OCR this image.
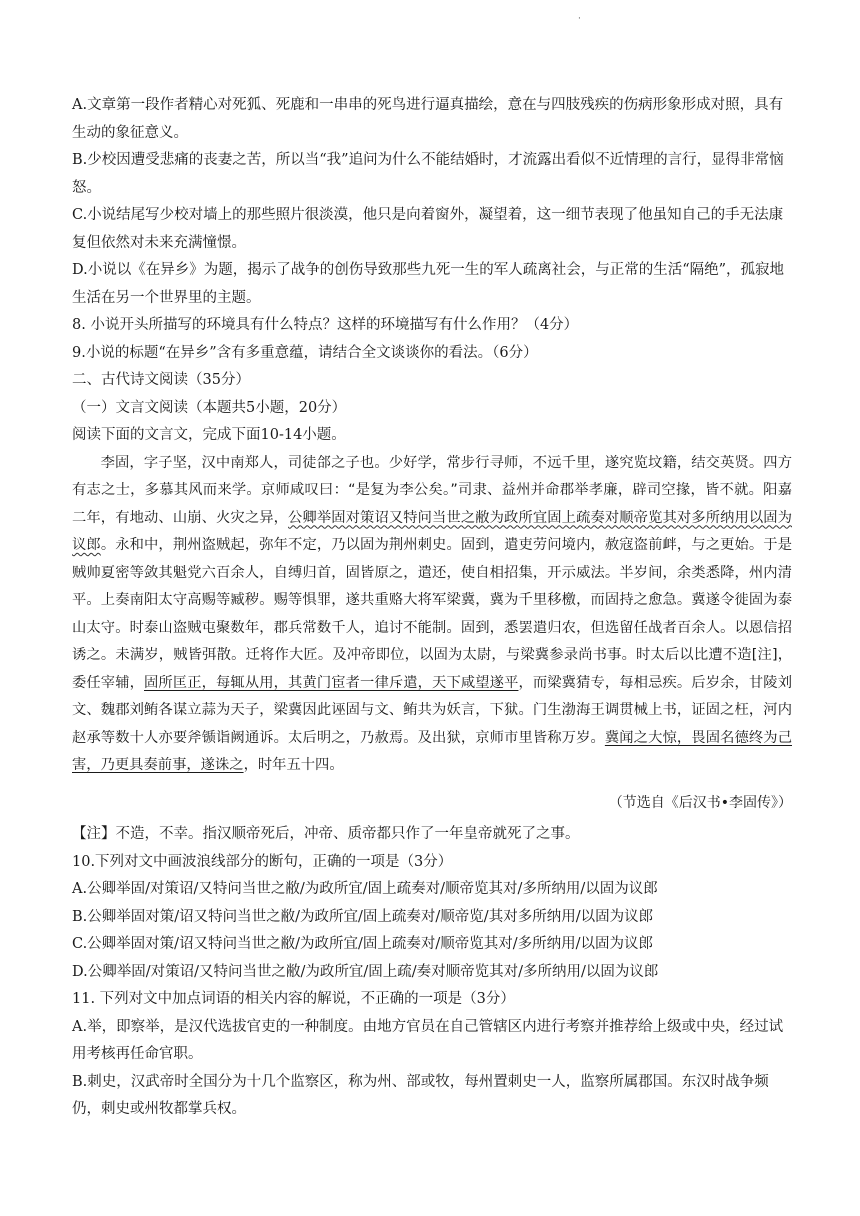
·

A.文章第一段作者精心对死狐、死鹿和一串串的死鸟进行逼真描绘，意在与四肢残疾的伤病形象形成对照，具有生动的象征意义。

B.少校因遭受悲痛的丧妻之苦，所以当“我”追问为什么不能结婚时，才流露出看似不近情理的言行，显得非常恼怒。

C.小说结尾写少校对墙上的那些照片很淡漠，他只是向着窗外，凝望着，这一细节表现了他虽知自己的手无法康复但依然对未来充满憧憬。

D.小说以《在异乡》为题，揭示了战争的创伤导致那些九死一生的军人疏离社会，与正常的生活“隔绝”，孤寂地生活在另一个世界里的主题。

8. 小说开头所描写的环境具有什么特点？这样的环境描写有什么作用？（4分）

9.小说的标题“在异乡”含有多重意蕴，请结合全文谈谈你的看法。（6分）

二、古代诗文阅读（35分）

（一）文言文阅读（本题共5小题，20分）

阅读下面的文言文，完成下面10-14小题。

李固，字子坚，汉中南郑人，司徒郃之子也。少好学，常步行寻师，不远千里，遂究览坟籍，结交英贤。四方有志之士，多慕其风而来学。京师咸叹曰：“是复为李公矣。”司隶、益州并命郡举孝廉，辟司空掾，皆不就。阳嘉二年，有地动、山崩、火灾之异，公卿举固对策诏又特问当世之敝为政所宜固上疏奏对顺帝览其对多所纳用以固为议郎。永和中，荆州盗贼起，弥年不定，乃以固为荆州刺史。固到，遣吏劳问境内，赦寇盗前衅，与之更始。于是贼帅夏密等敛其魁党六百余人，自缚归首，固皆原之，遣还，使自相招集，开示威法。半岁间，余类悉降，州内清平。上奏南阳太守高赐等臧秽。赐等惧罪，遂共重赂大将军梁冀，冀为千里移檄，而固持之愈急。冀遂令徙固为泰山太守。时泰山盗贼屯聚数年，郡兵常数千人，追讨不能制。固到，悉罢遣归农，但选留任战者百余人。以恩信招诱之。未满岁，贼皆弭散。迁将作大匠。及冲帝即位，以固为太尉，与梁冀参录尚书事。时太后以比遭不造[注]，委任宰辅，固所匡正，每辄从用，其黄门宦者一律斥遣，天下咸望遂平，而梁冀猜专，每相忌疾。后岁余，甘陵刘文、魏郡刘鲔各谋立蒜为天子，梁冀因此诬固与文、鲔共为妖言，下狱。门生渤海王调贯械上书，证固之枉，河内赵承等数十人亦要斧锧诣阙通诉。太后明之，乃赦焉。及出狱，京师市里皆称万岁。冀闻之大惊，畏固名德终为己害，乃更具奏前事，遂诛之，时年五十四。

（节选自《后汉书•李固传》）

【注】不造，不幸。指汉顺帝死后，冲帝、质帝都只作了一年皇帝就死了之事。

10.下列对文中画波浪线部分的断句，正确的一项是（3分）

A.公卿举固/对策诏/又特问当世之敝/为政所宜/固上疏奏对/顺帝览其对/多所纳用/以固为议郎

B.公卿举固对策/诏又特问当世之敝/为政所宜/固上疏奏对/顺帝览/其对多所纳用/以固为议郎

C.公卿举固对策/诏又特问当世之敝/为政所宜/固上疏奏对/顺帝览其对/多所纳用/以固为议郎

D.公卿举固/对策诏/又特问当世之敝/为政所宜/固上疏/奏对顺帝览其对/多所纳用/以固为议郎

11. 下列对文中加点词语的相关内容的解说，不正确的一项是（3分）

A.举，即察举，是汉代选拔官吏的一种制度。由地方官员在自己管辖区内进行考察并推荐给上级或中央，经过试用考核再任命官职。

B.刺史，汉武帝时全国分为十几个监察区，称为州、部或牧，每州置刺史一人，监察所属郡国。东汉时战争频仍，刺史或州牧都掌兵权。
